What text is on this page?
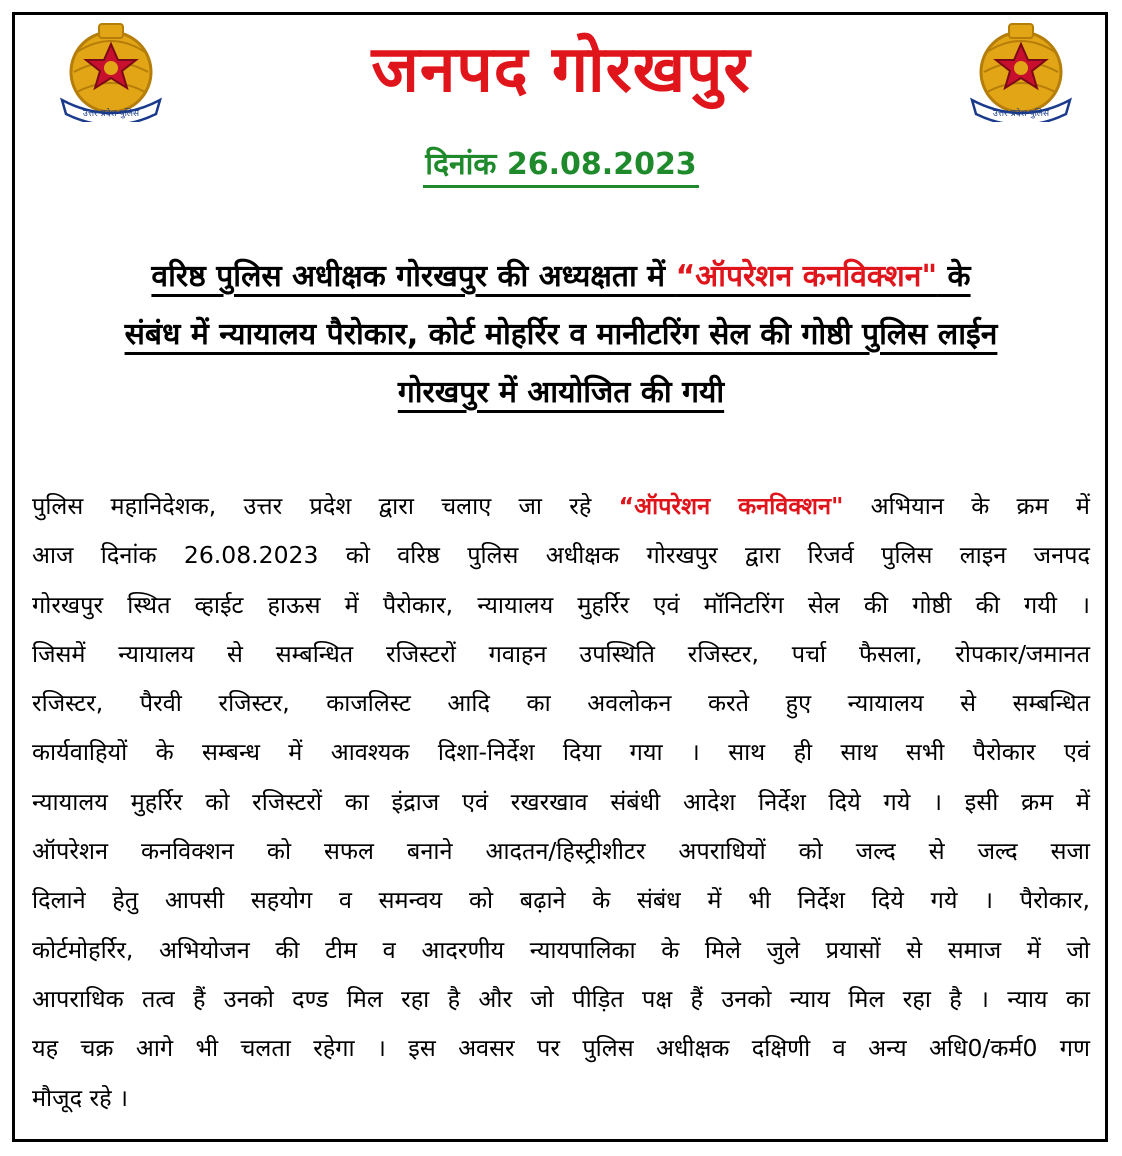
उत्तर प्रदेश पुलिस	उत्तर प्रदेश पुलिस
जनपद गोरखपुर
दिनांक 26.08.2023
वरिष्ठ पुलिस अधीक्षक गोरखपुर की अध्यक्षता में “ऑपरेशन कनविक्शन" के
संबंध में न्यायालय पैरोकार, कोर्ट मोहर्रिर व मानीटरिंग सेल की गोष्ठी पुलिस लाईन
गोरखपुर में आयोजित की गयी
पुलिस महानिदेशक, उत्तर प्रदेश द्वारा चलाए जा रहे “ऑपरेशन कनविक्शन" अभियान के क्रम में
आज दिनांक 26.08.2023 को वरिष्ठ पुलिस अधीक्षक गोरखपुर द्वारा रिजर्व पुलिस लाइन जनपद
गोरखपुर स्थित व्हाईट हाऊस में पैरोकार, न्यायालय मुहर्रिर एवं मॉनिटरिंग सेल की गोष्ठी की गयी ।
जिसमें न्यायालय से सम्बन्धित रजिस्टरों गवाहन उपस्थिति रजिस्टर, पर्चा फैसला, रोपकार/जमानत
रजिस्टर, पैरवी रजिस्टर, काजलिस्ट आदि का अवलोकन करते हुए न्यायालय से सम्बन्धित
कार्यवाहियों के सम्बन्ध में आवश्यक दिशा-निर्देश दिया गया । साथ ही साथ सभी पैरोकार एवं
न्यायालय मुहर्रिर को रजिस्टरों का इंद्राज एवं रखरखाव संबंधी आदेश निर्देश दिये गये । इसी क्रम में
ऑपरेशन कनविक्शन को सफल बनाने आदतन/हिस्ट्रीशीटर अपराधियों को जल्द से जल्द सजा
दिलाने हेतु आपसी सहयोग व समन्वय को बढ़ाने के संबंध में भी निर्देश दिये गये । पैरोकार,
कोर्टमोहर्रिर, अभियोजन की टीम व आदरणीय न्यायपालिका के मिले जुले प्रयासों से समाज में जो
आपराधिक तत्व हैं उनको दण्ड मिल रहा है और जो पीड़ित पक्ष हैं उनको न्याय मिल रहा है । न्याय का
यह चक्र आगे भी चलता रहेगा । इस अवसर पर पुलिस अधीक्षक दक्षिणी व अन्य अधि0/कर्म0 गण
मौजूद रहे ।
